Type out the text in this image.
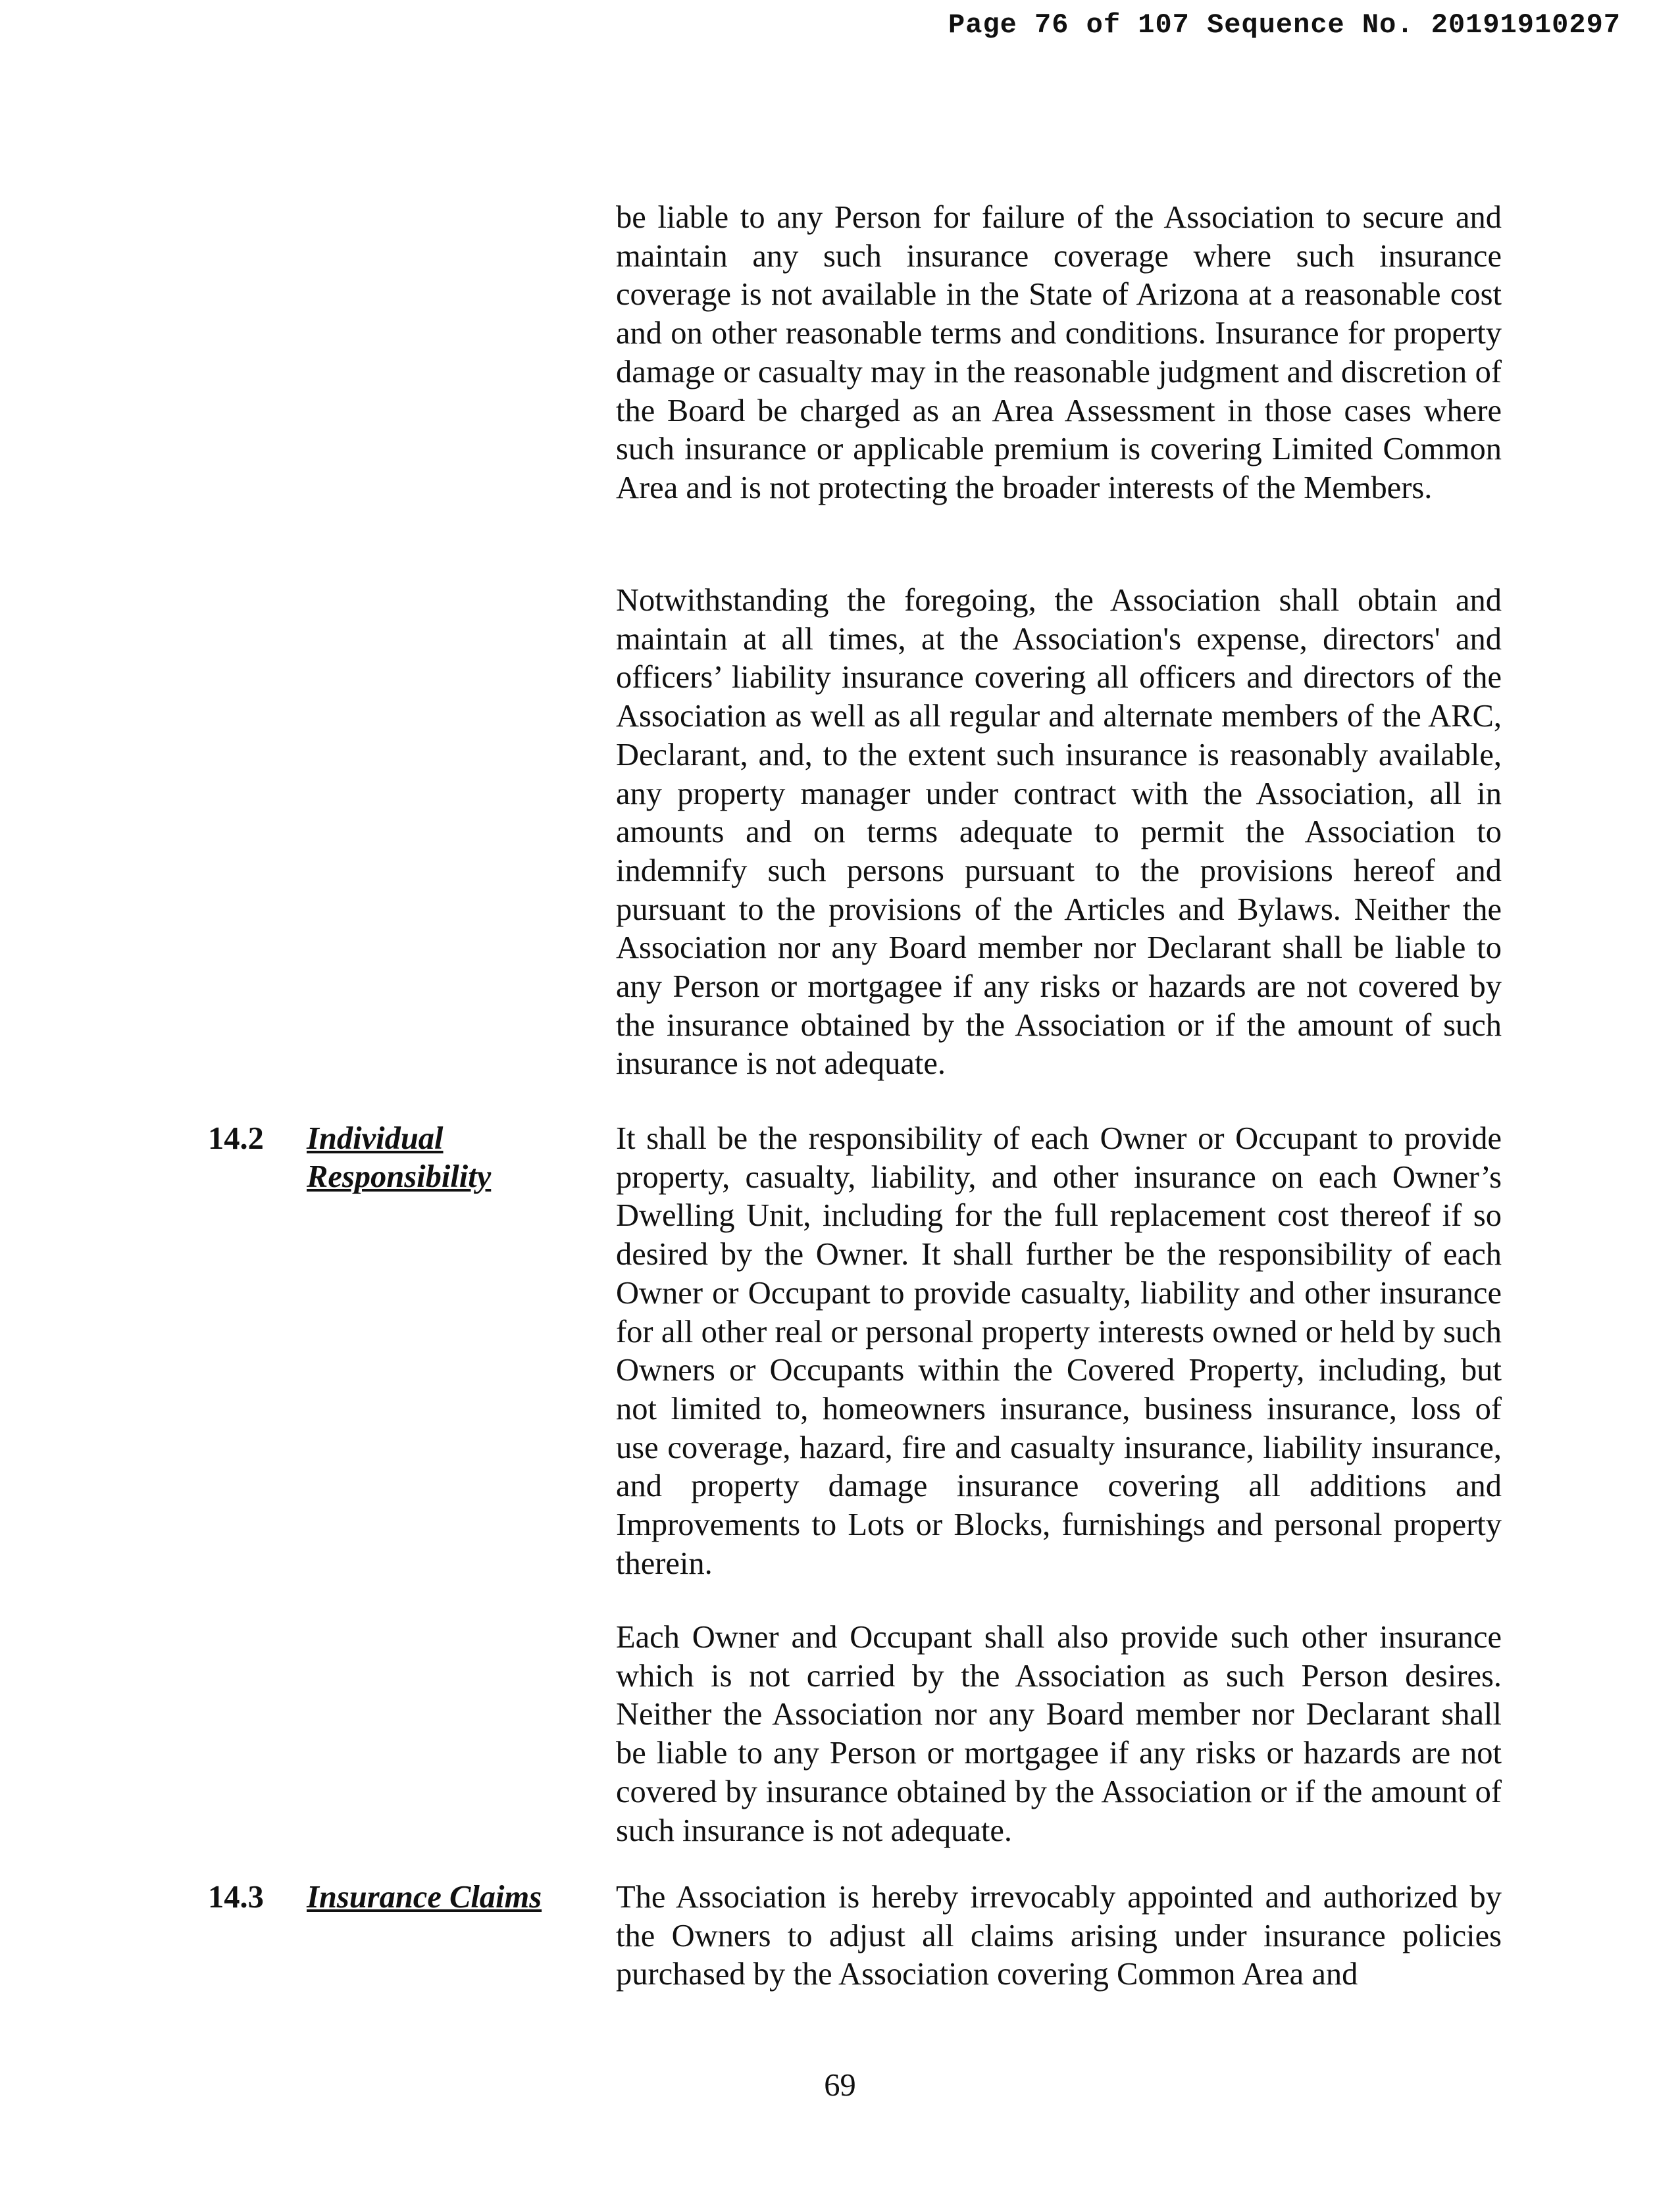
Page 76 of 107 Sequence No. 20191910297

be liable to any Person for failure of the Association to secure and maintain any such insurance coverage where such insurance coverage is not available in the State of Arizona at a reasonable cost and on other reasonable terms and conditions. Insurance for property damage or casualty may in the reasonable judgment and discretion of the Board be charged as an Area Assessment in those cases where such insurance or applicable premium is covering Limited Common Area and is not protecting the broader interests of the Members.

Notwithstanding the foregoing, the Association shall obtain and maintain at all times, at the Association's expense, directors' and officers’ liability insurance covering all officers and directors of the Association as well as all regular and alternate members of the ARC, Declarant, and, to the extent such insurance is reasonably available, any property manager under contract with the Association, all in amounts and on terms adequate to permit the Association to indemnify such persons pursuant to the provisions hereof and pursuant to the provisions of the Articles and Bylaws. Neither the Association nor any Board member nor Declarant shall be liable to any Person or mortgagee if any risks or hazards are not covered by the insurance obtained by the Association or if the amount of such insurance is not adequate.

14.2 Individual
Responsibility

It shall be the responsibility of each Owner or Occupant to provide property, casualty, liability, and other insurance on each Owner’s Dwelling Unit, including for the full replacement cost thereof if so desired by the Owner. It shall further be the responsibility of each Owner or Occupant to provide casualty, liability and other insurance for all other real or personal property interests owned or held by such Owners or Occupants within the Covered Property, including, but not limited to, homeowners insurance, business insurance, loss of use coverage, hazard, fire and casualty insurance, liability insurance, and property damage insurance covering all additions and Improvements to Lots or Blocks, furnishings and personal property therein.

Each Owner and Occupant shall also provide such other insurance which is not carried by the Association as such Person desires. Neither the Association nor any Board member nor Declarant shall be liable to any Person or mortgagee if any risks or hazards are not covered by insurance obtained by the Association or if the amount of such insurance is not adequate.

14.3 Insurance Claims The Association is hereby irrevocably appointed and authorized by the Owners to adjust all claims arising under insurance policies purchased by the Association covering Common Area and

69
